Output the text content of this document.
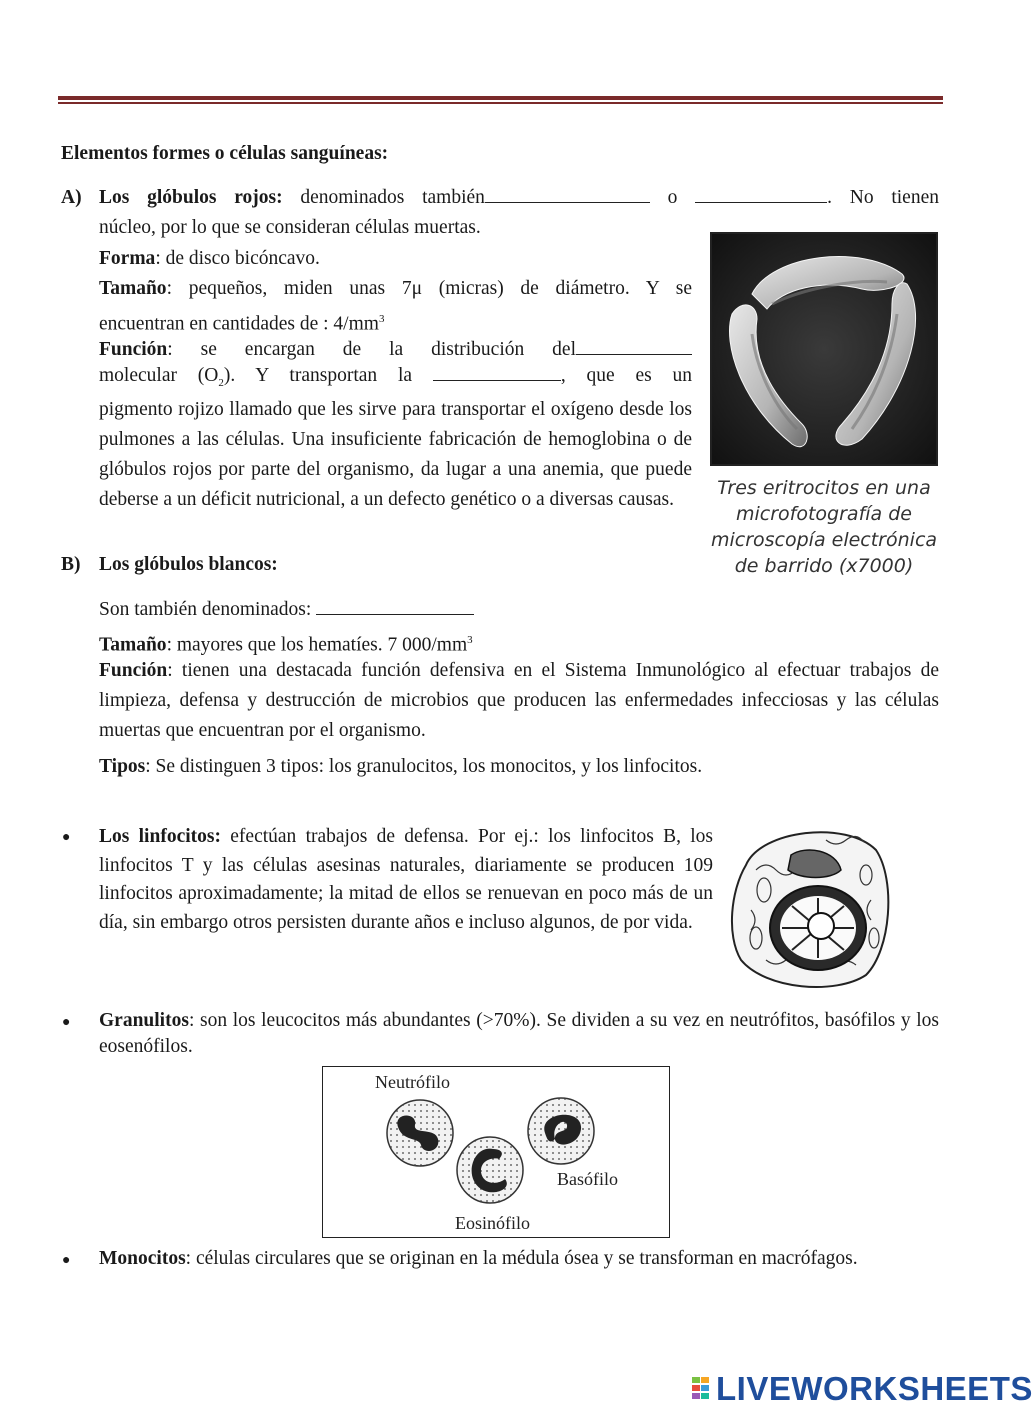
Elementos formes o células sanguíneas:
A) Los glóbulos rojos: denominados también	o	. No tienen
núcleo, por lo que se consideran células muertas.
Forma: de disco bicóncavo.
Tamaño: pequeños, miden unas 7μ (micras) de diámetro. Y se
encuentran en cantidades de : $4/mm^3$
Función: se encargan de la distribución del
molecular $(O_2)$. Y transportan la	, que es un
pigmento rojizo llamado que les sirve para transportar el oxígeno desde los pulmones a las células. Una insuficiente fabricación de hemoglobina o de glóbulos rojos por parte del organismo, da lugar a una anemia, que puede deberse a un déficit nutricional, a un defecto genético o a diversas causas.
Tres eritrocitos en una microfotografía de microscopía electrónica de barrido (x7000)
B) Los glóbulos blancos:
Son también denominados:
Tamaño: mayores que los hematíes. 7 $000/mm^3$
Función: tienen una destacada función defensiva en el Sistema Inmunológico al efectuar trabajos de limpieza, defensa y destrucción de microbios que producen las enfermedades infecciosas y las células muertas que encuentran por el organismo.
Tipos: Se distinguen 3 tipos: los granulocitos, los monocitos, y los linfocitos.
● Los linfocitos: efectúan trabajos de defensa. Por ej.: los linfocitos B, los linfocitos T y las células asesinas naturales, diariamente se producen 109 linfocitos aproximadamente; la mitad de ellos se renuevan en poco más de un día, sin embargo otros persisten durante años e incluso algunos, de por vida.
● Granulitos: son los leucocitos más abundantes (>70%). Se dividen a su vez en neutrófitos, basófilos y los eosenófilos.
Neutrófilo
Basófilo
Eosinófilo
● Monocitos: células circulares que se originan en la médula ósea y se transforman en macrófagos.
LIVEWORKSHEETS
